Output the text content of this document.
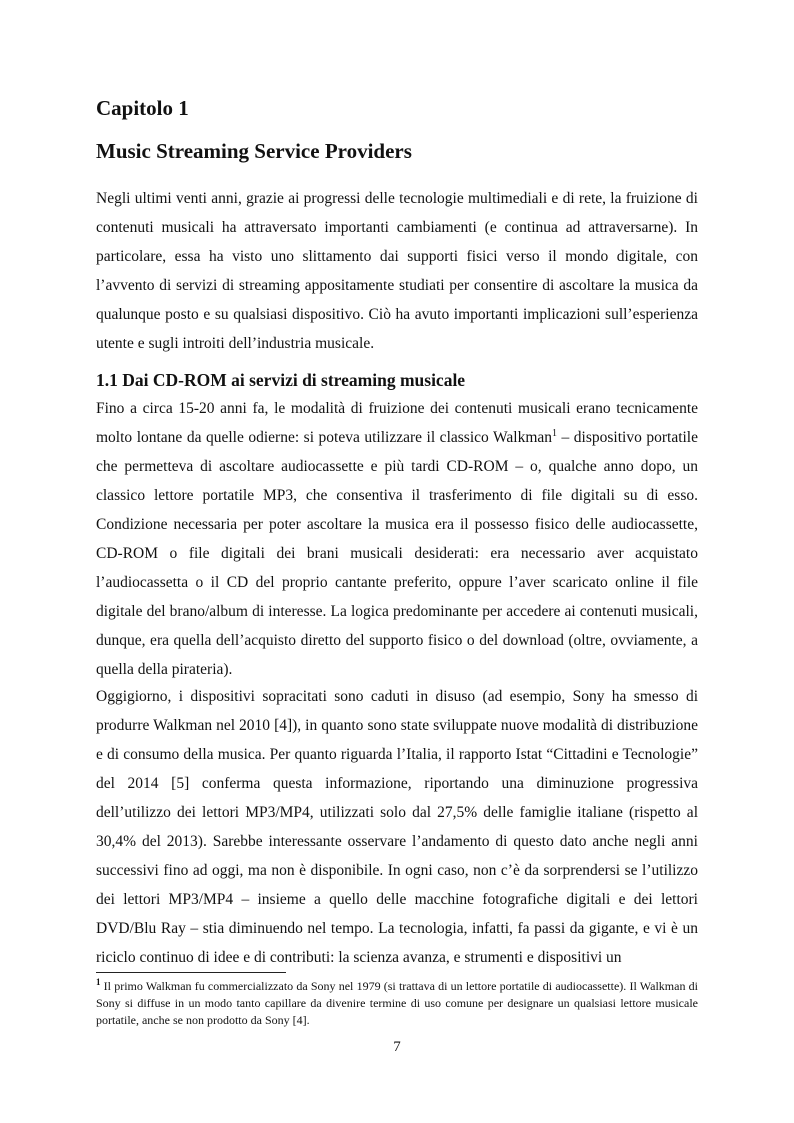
Capitolo 1
Music Streaming Service Providers

Negli ultimi venti anni, grazie ai progressi delle tecnologie multimediali e di rete, la fruizione di contenuti musicali ha attraversato importanti cambiamenti (e continua ad attraversarne). In particolare, essa ha visto uno slittamento dai supporti fisici verso il mondo digitale, con l’avvento di servizi di streaming appositamente studiati per consentire di ascoltare la musica da qualunque posto e su qualsiasi dispositivo. Ciò ha avuto importanti implicazioni sull’esperienza utente e sugli introiti dell’industria musicale.

1.1 Dai CD-ROM ai servizi di streaming musicale

Fino a circa 15-20 anni fa, le modalità di fruizione dei contenuti musicali erano tecnicamente molto lontane da quelle odierne: si poteva utilizzare il classico Walkman$^1$ – dispositivo portatile che permetteva di ascoltare audiocassette e più tardi CD-ROM – o, qualche anno dopo, un classico lettore portatile MP3, che consentiva il trasferimento di file digitali su di esso. Condizione necessaria per poter ascoltare la musica era il possesso fisico delle audiocassette, CD-ROM o file digitali dei brani musicali desiderati: era necessario aver acquistato l’audiocassetta o il CD del proprio cantante preferito, oppure l’aver scaricato online il file digitale del brano/album di interesse. La logica predominante per accedere ai contenuti musicali, dunque, era quella dell’acquisto diretto del supporto fisico o del download (oltre, ovviamente, a quella della pirateria).

Oggigiorno, i dispositivi sopracitati sono caduti in disuso (ad esempio, Sony ha smesso di produrre Walkman nel 2010 [4]), in quanto sono state sviluppate nuove modalità di distribuzione e di consumo della musica. Per quanto riguarda l’Italia, il rapporto Istat “Cittadini e Tecnologie” del 2014 [5] conferma questa informazione, riportando una diminuzione progressiva dell’utilizzo dei lettori MP3/MP4, utilizzati solo dal 27,5% delle famiglie italiane (rispetto al 30,4% del 2013). Sarebbe interessante osservare l’andamento di questo dato anche negli anni successivi fino ad oggi, ma non è disponibile. In ogni caso, non c’è da sorprendersi se l’utilizzo dei lettori MP3/MP4 – insieme a quello delle macchine fotografiche digitali e dei lettori DVD/Blu Ray – stia diminuendo nel tempo. La tecnologia, infatti, fa passi da gigante, e vi è un riciclo continuo di idee e di contributi: la scienza avanza, e strumenti e dispositivi un

$^1$ Il primo Walkman fu commercializzato da Sony nel 1979 (si trattava di un lettore portatile di audiocassette). Il Walkman di Sony si diffuse in un modo tanto capillare da divenire termine di uso comune per designare un qualsiasi lettore musicale portatile, anche se non prodotto da Sony [4].

7
